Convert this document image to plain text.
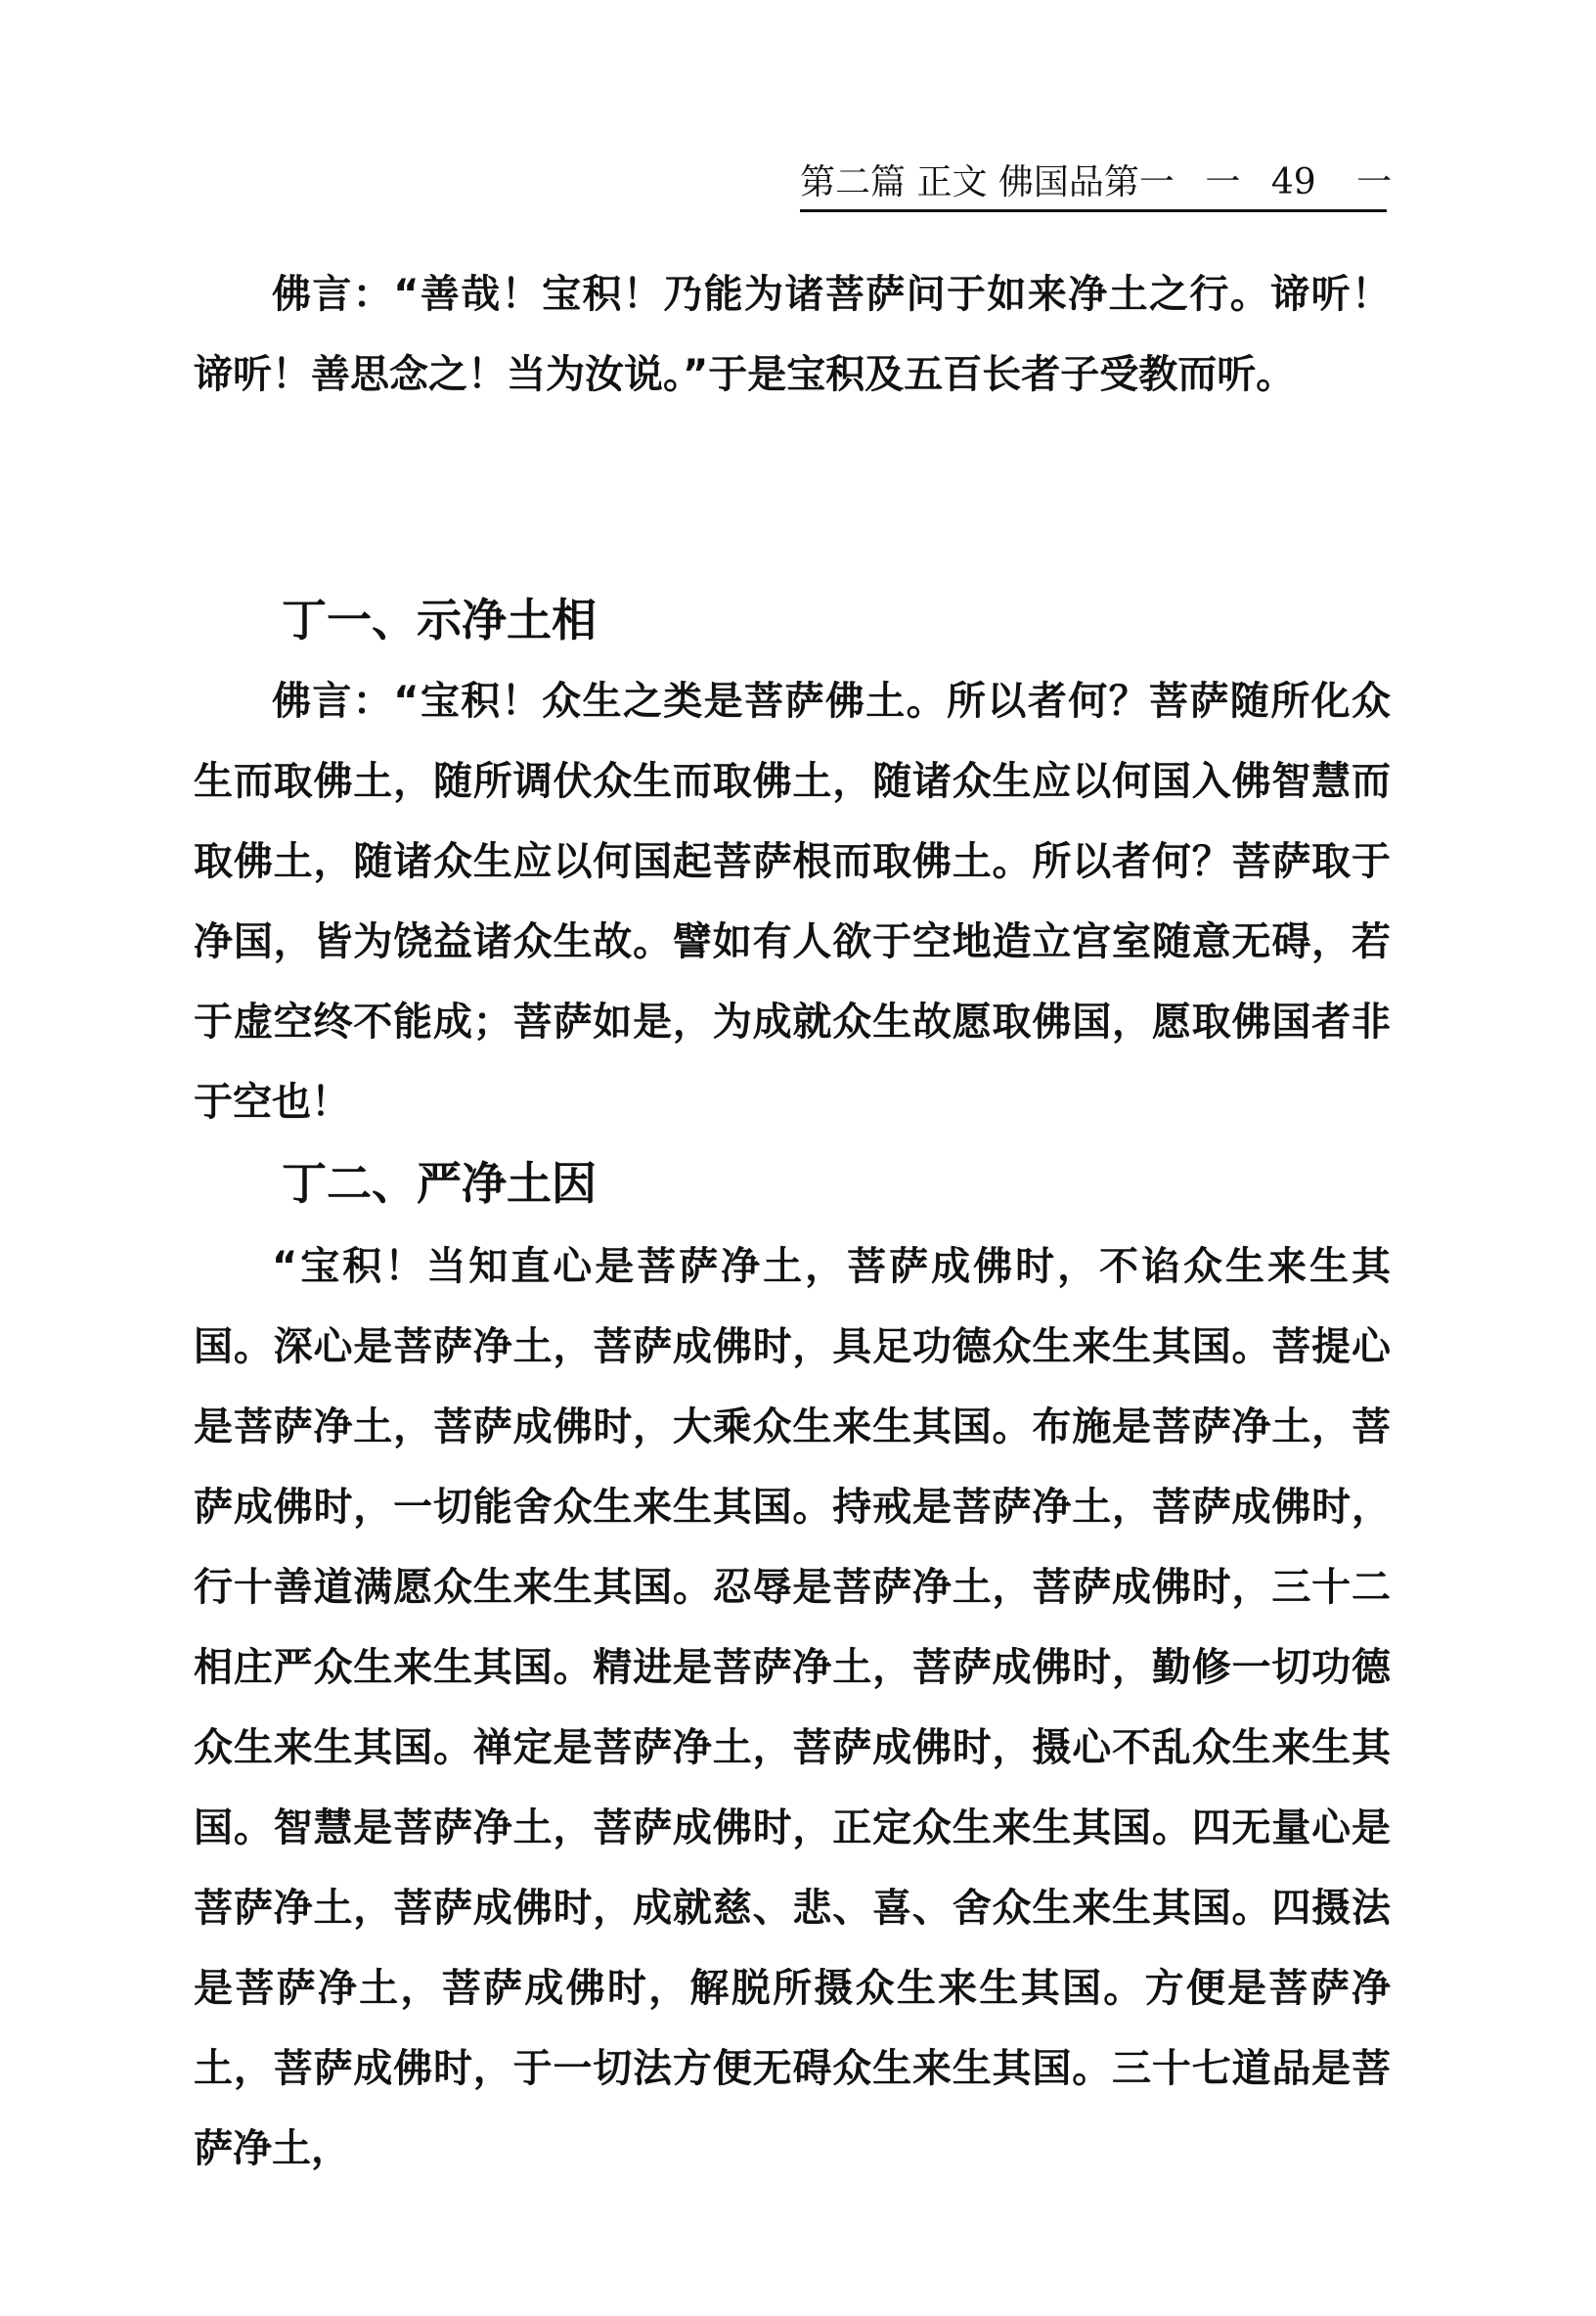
第二篇 正文 佛国品第一 一 49 一

佛言：“善哉！宝积！乃能为诸菩萨问于如来净土之行。谛听！谛听！善思念之！当为汝说。”于是宝积及五百长者子受教而听。

丁一、示净土相

佛言：“宝积！众生之类是菩萨佛土。所以者何？菩萨随所化众生而取佛土，随所调伏众生而取佛土，随诸众生应以何国入佛智慧而取佛土，随诸众生应以何国起菩萨根而取佛土。所以者何？菩萨取于净国，皆为饶益诸众生故。譬如有人欲于空地造立宫室随意无碍，若于虚空终不能成；菩萨如是，为成就众生故愿取佛国，愿取佛国者非于空也！

丁二、严净土因

“宝积！当知直心是菩萨净土，菩萨成佛时，不谄众生来生其国。深心是菩萨净土，菩萨成佛时，具足功德众生来生其国。菩提心是菩萨净土，菩萨成佛时，大乘众生来生其国。布施是菩萨净土，菩萨成佛时，一切能舍众生来生其国。持戒是菩萨净土，菩萨成佛时，行十善道满愿众生来生其国。忍辱是菩萨净土，菩萨成佛时，三十二相庄严众生来生其国。精进是菩萨净土，菩萨成佛时，勤修一切功德众生来生其国。禅定是菩萨净土，菩萨成佛时，摄心不乱众生来生其国。智慧是菩萨净土，菩萨成佛时，正定众生来生其国。四无量心是菩萨净土，菩萨成佛时，成就慈、悲、喜、舍众生来生其国。四摄法是菩萨净土，菩萨成佛时，解脱所摄众生来生其国。方便是菩萨净土，菩萨成佛时，于一切法方便无碍众生来生其国。三十七道品是菩萨净土，
